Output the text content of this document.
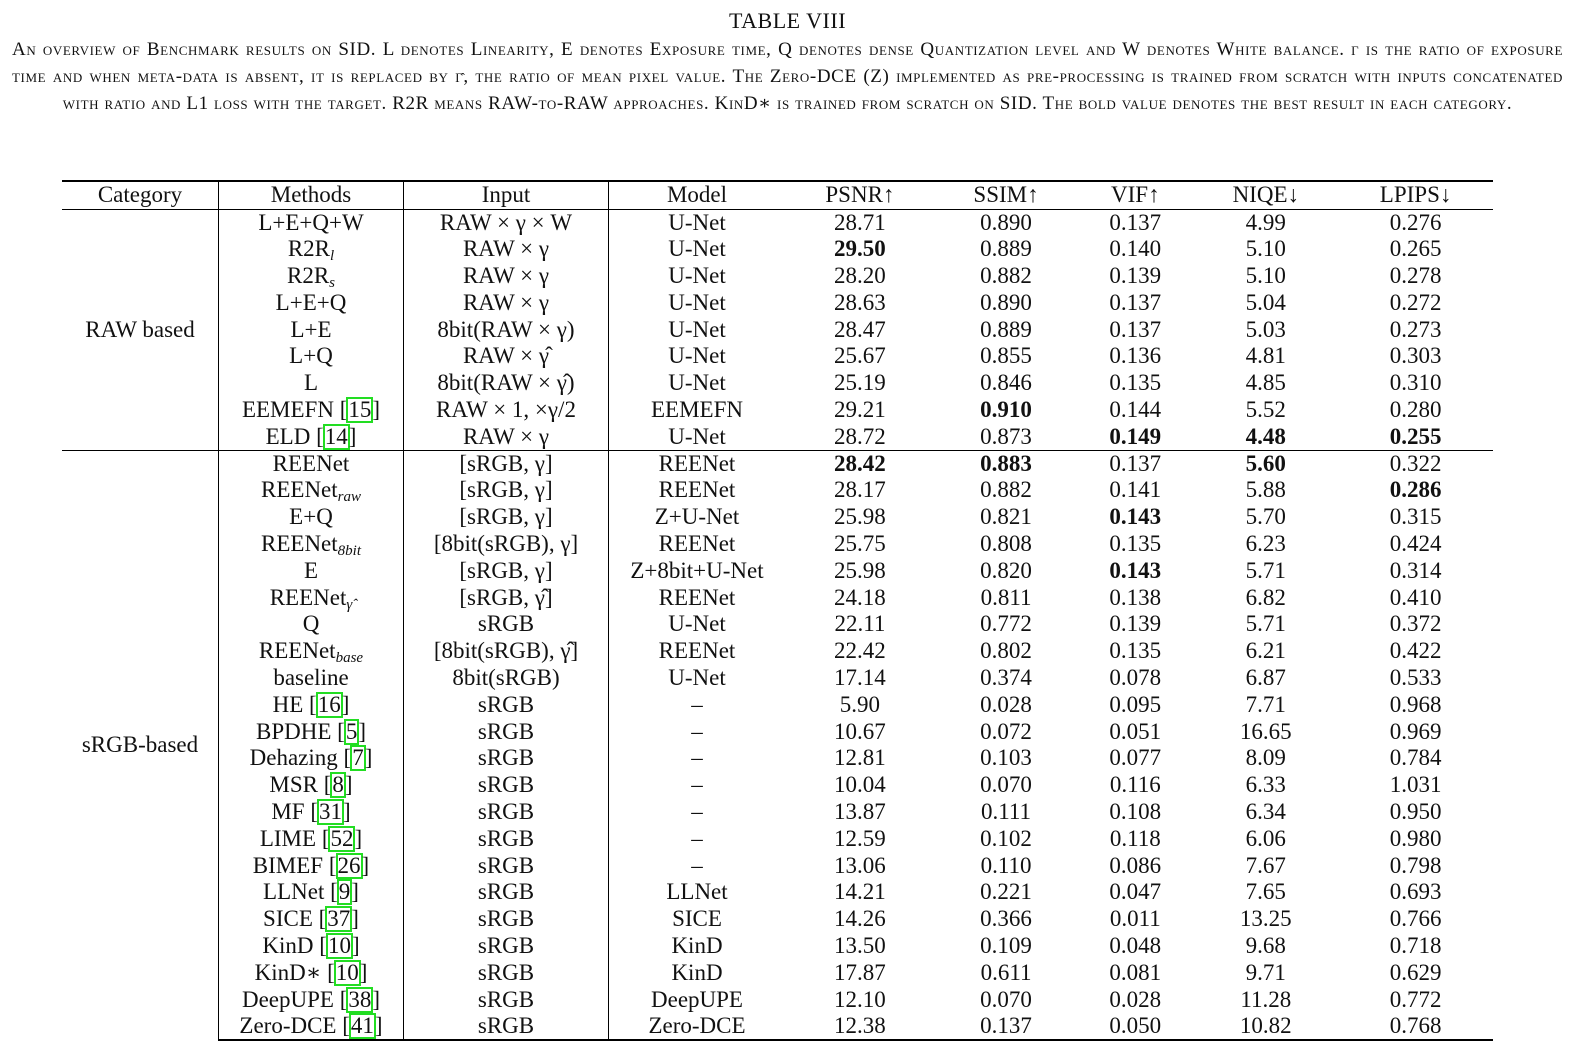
TABLE VIII
An overview of Benchmark results on SID. L denotes Linearity, E denotes Exposure time, Q denotes dense Quantization level and W denotes White balance. γ is the ratio of exposure time and when meta-data is absent, it is replaced by γ̂, the ratio of mean pixel value. The Zero-DCE (Z) implemented as pre-processing is trained from scratch with inputs concatenated with ratio and L1 loss with the target. R2R means RAW-to-RAW approaches. KinD∗ is trained from scratch on SID. The bold value denotes the best result in each category.
Category	Methods	Input	Model	PSNR↑	SSIM↑	VIF↑	NIQE↓	LPIPS↓
RAW based	L+E+Q+W	RAW × γ × W	U-Net	28.71	0.890	0.137	4.99	0.276
	$R2R_l$	RAW × γ	U-Net	29.50	0.889	0.140	5.10	0.265
	$R2R_s$	RAW × γ	U-Net	28.20	0.882	0.139	5.10	0.278
	L+E+Q	RAW × γ	U-Net	28.63	0.890	0.137	5.04	0.272
	L+E	8bit(RAW × γ)	U-Net	28.47	0.889	0.137	5.03	0.273
	L+Q	RAW × γ̂	U-Net	25.67	0.855	0.136	4.81	0.303
	L	8bit(RAW × γ̂)	U-Net	25.19	0.846	0.135	4.85	0.310
	EEMEFN [15]	RAW × 1, ×γ/2	EEMEFN	29.21	0.910	0.144	5.52	0.280
	ELD [14]	RAW × γ	U-Net	28.72	0.873	0.149	4.48	0.255
sRGB-based	REENet	[sRGB, γ]	REENet	28.42	0.883	0.137	5.60	0.322
	REENet$_{raw}$	[sRGB, γ]	REENet	28.17	0.882	0.141	5.88	0.286
	E+Q	[sRGB, γ]	Z+U-Net	25.98	0.821	0.143	5.70	0.315
	REENet$_{8bit}$	[8bit(sRGB), γ]	REENet	25.75	0.808	0.135	6.23	0.424
	E	[sRGB, γ]	Z+8bit+U-Net	25.98	0.820	0.143	5.71	0.314
	REENet$_{\gammâ}$	[sRGB, γ̂]	REENet	24.18	0.811	0.138	6.82	0.410
	Q	sRGB	U-Net	22.11	0.772	0.139	5.71	0.372
	REENet$_{base}$	[8bit(sRGB), γ̂]	REENet	22.42	0.802	0.135	6.21	0.422
	baseline	8bit(sRGB)	U-Net	17.14	0.374	0.078	6.87	0.533
	HE [16]	sRGB	–	5.90	0.028	0.095	7.71	0.968
	BPDHE [5]	sRGB	–	10.67	0.072	0.051	16.65	0.969
	Dehazing [7]	sRGB	–	12.81	0.103	0.077	8.09	0.784
	MSR [8]	sRGB	–	10.04	0.070	0.116	6.33	1.031
	MF [31]	sRGB	–	13.87	0.111	0.108	6.34	0.950
	LIME [52]	sRGB	–	12.59	0.102	0.118	6.06	0.980
	BIMEF [26]	sRGB	–	13.06	0.110	0.086	7.67	0.798
	LLNet [9]	sRGB	LLNet	14.21	0.221	0.047	7.65	0.693
	SICE [37]	sRGB	SICE	14.26	0.366	0.011	13.25	0.766
	KinD [10]	sRGB	KinD	13.50	0.109	0.048	9.68	0.718
	KinD∗ [10]	sRGB	KinD	17.87	0.611	0.081	9.71	0.629
	DeepUPE [38]	sRGB	DeepUPE	12.10	0.070	0.028	11.28	0.772
	Zero-DCE [41]	sRGB	Zero-DCE	12.38	0.137	0.050	10.82	0.768
